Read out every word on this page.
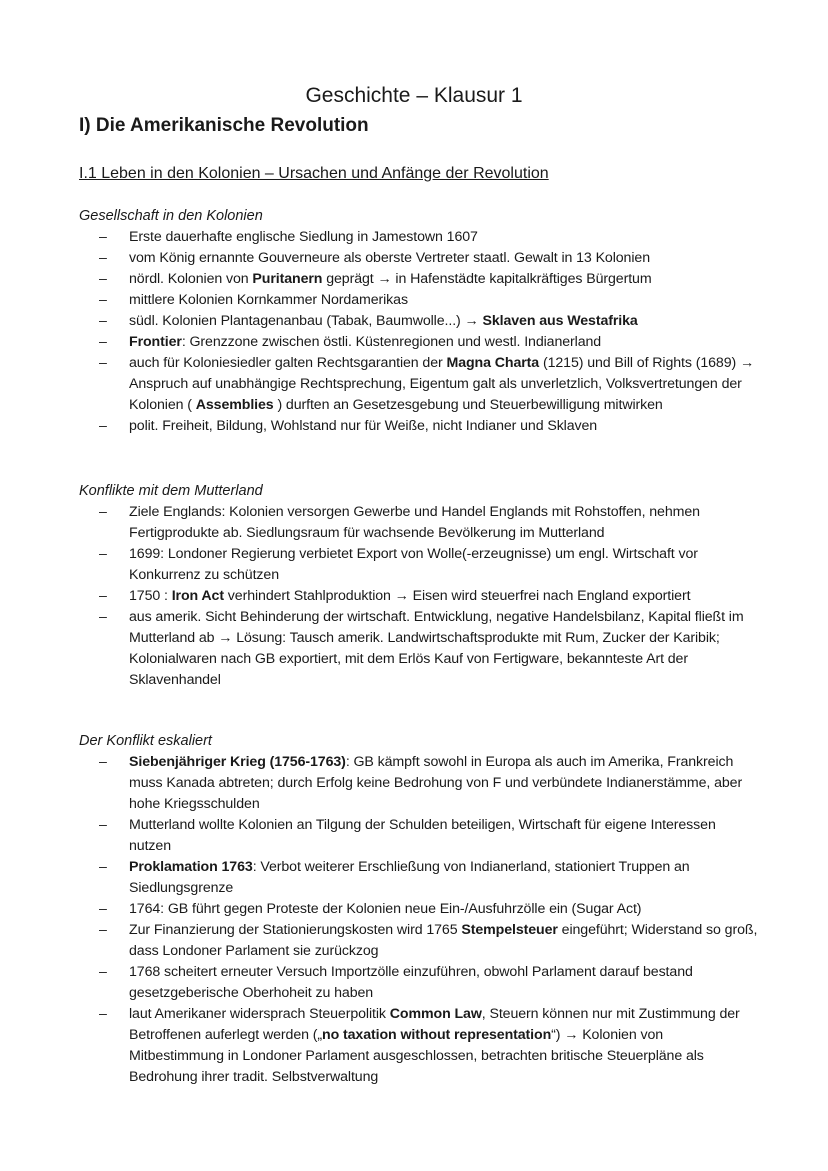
Geschichte – Klausur 1
I) Die Amerikanische Revolution
I.1 Leben in den Kolonien – Ursachen und Anfänge der Revolution
Gesellschaft in den Kolonien
–	Erste dauerhafte englische Siedlung in Jamestown 1607
–	vom König ernannte Gouverneure als oberste Vertreter staatl. Gewalt in 13 Kolonien
–	nördl. Kolonien von Puritanern geprägt → in Hafenstädte kapitalkräftiges Bürgertum
–	mittlere Kolonien Kornkammer Nordamerikas
–	südl. Kolonien Plantagenanbau (Tabak, Baumwolle...) → Sklaven aus Westafrika
–	Frontier: Grenzzone zwischen östli. Küstenregionen und westl. Indianerland
–	auch für Koloniesiedler galten Rechtsgarantien der Magna Charta (1215) und Bill of Rights (1689) → Anspruch auf unabhängige Rechtsprechung, Eigentum galt als unverletzlich, Volksvertretungen der Kolonien ( Assemblies ) durften an Gesetzesgebung und Steuerbewilligung mitwirken
–	polit. Freiheit, Bildung, Wohlstand nur für Weiße, nicht Indianer und Sklaven
Konflikte mit dem Mutterland
–	Ziele Englands: Kolonien versorgen Gewerbe und Handel Englands mit Rohstoffen, nehmen Fertigprodukte ab. Siedlungsraum für wachsende Bevölkerung im Mutterland
–	1699: Londoner Regierung verbietet Export von Wolle(-erzeugnisse) um engl. Wirtschaft vor Konkurrenz zu schützen
–	1750 : Iron Act verhindert Stahlproduktion → Eisen wird steuerfrei nach England exportiert
–	aus amerik. Sicht Behinderung der wirtschaft. Entwicklung, negative Handelsbilanz, Kapital fließt im Mutterland ab → Lösung: Tausch amerik. Landwirtschaftsprodukte mit Rum, Zucker der Karibik; Kolonialwaren nach GB exportiert, mit dem Erlös Kauf von Fertigware, bekannteste Art der Sklavenhandel
Der Konflikt eskaliert
–	Siebenjähriger Krieg (1756-1763): GB kämpft sowohl in Europa als auch im Amerika, Frankreich muss Kanada abtreten; durch Erfolg keine Bedrohung von F und verbündete Indianerstämme, aber hohe Kriegsschulden
–	Mutterland wollte Kolonien an Tilgung der Schulden beteiligen, Wirtschaft für eigene Interessen nutzen
–	Proklamation 1763: Verbot weiterer Erschließung von Indianerland, stationiert Truppen an Siedlungsgrenze
–	1764: GB führt gegen Proteste der Kolonien neue Ein-/Ausfuhrzölle ein (Sugar Act)
–	Zur Finanzierung der Stationierungskosten wird 1765 Stempelsteuer eingeführt; Widerstand so groß, dass Londoner Parlament sie zurückzog
–	1768 scheitert erneuter Versuch Importzölle einzuführen, obwohl Parlament darauf bestand gesetzgeberische Oberhoheit zu haben
–	laut Amerikaner widersprach Steuerpolitik Common Law, Steuern können nur mit Zustimmung der Betroffenen auferlegt werden („no taxation without representation“) → Kolonien von Mitbestimmung in Londoner Parlament ausgeschlossen, betrachten britische Steuerpläne als Bedrohung ihrer tradit. Selbstverwaltung
